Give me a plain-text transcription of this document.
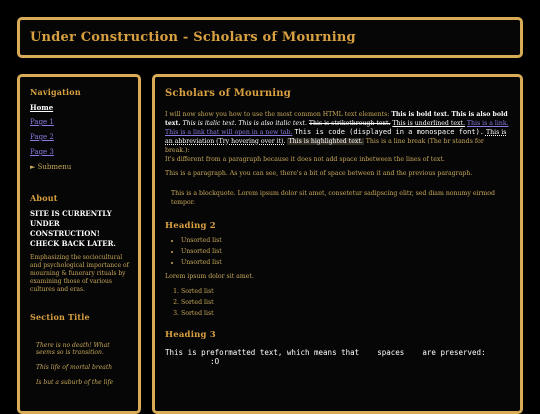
Under Construction - Scholars of Mourning
Navigation
Home
Page 1
Page 2
Page 3
► Submenu
About
SITE IS CURRENTLY UNDER CONSTRUCTION! CHECK BACK LATER.

Emphasizing the sociocultural and psychological importance of mourning & funerary rituals by examining those of various cultures and eras.

Section Title

There is no death! What seems so is transition.

This life of mortal breath

Is but a suburb of the life

Scholars of Mourning

I will now show you how to use the most common HTML text elements: This is bold text. This is also bold text. This is italic text. This is also italic text. This is strikethrough text. This is underlined text. This is a link. This is a link that will open in a new tab. This is code (displayed in a monospace font). This is an abbreviation (Try hovering over it). This is highlighted text. This is a line break (The br stands for break.):
It's different from a paragraph because it does not add space inbetween the lines of text.

This is a paragraph. As you can see, there's a bit of space between it and the previous paragraph.

This is a blockquote. Lorem ipsum dolor sit amet, consetetur sadipscing elitr, sed diam nonumy eirmod tempor.
Heading 2
• Unsorted list
• Unsorted list
• Unsorted list

Lorem ipsum dolor sit amet.

1. Sorted list
2. Sorted list
3. Sorted list
Heading 3
This is preformatted text, which means that    spaces    are preserved:
:O
